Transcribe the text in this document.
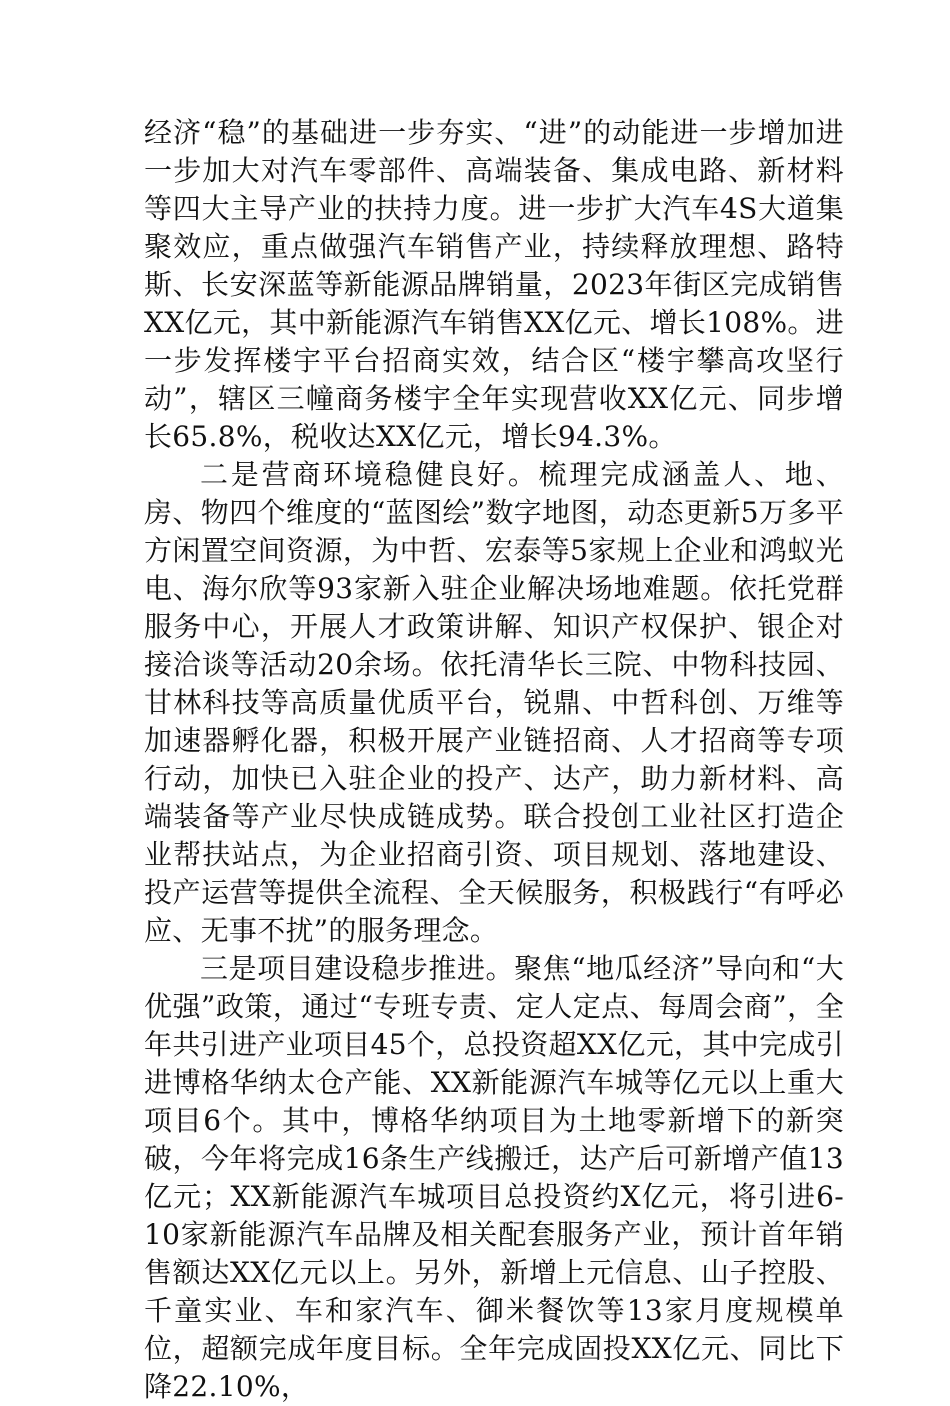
经济“稳”的基础进一步夯实、“进”的动能进一步增加进一步加大对汽车零部件、高端装备、集成电路、新材料等四大主导产业的扶持力度。进一步扩大汽车4S大道集聚效应，重点做强汽车销售产业，持续释放理想、路特斯、长安深蓝等新能源品牌销量，2023年街区完成销售XX亿元，其中新能源汽车销售XX亿元、增长108%。进一步发挥楼宇平台招商实效，结合区“楼宇攀高攻坚行动”，辖区三幢商务楼宇全年实现营收XX亿元、同步增长65.8%，税收达XX亿元，增长94.3%。

二是营商环境稳健良好。梳理完成涵盖人、地、房、物四个维度的“蓝图绘”数字地图，动态更新5万多平方闲置空间资源，为中哲、宏泰等5家规上企业和鸿蚁光电、海尔欣等93家新入驻企业解决场地难题。依托党群服务中心，开展人才政策讲解、知识产权保护、银企对接洽谈等活动20余场。依托清华长三院、中物科技园、甘林科技等高质量优质平台，锐鼎、中哲科创、万维等加速器孵化器，积极开展产业链招商、人才招商等专项行动，加快已入驻企业的投产、达产，助力新材料、高端装备等产业尽快成链成势。联合投创工业社区打造企业帮扶站点，为企业招商引资、项目规划、落地建设、投产运营等提供全流程、全天候服务，积极践行“有呼必应、无事不扰”的服务理念。

三是项目建设稳步推进。聚焦“地瓜经济”导向和“大优强”政策，通过“专班专责、定人定点、每周会商”，全年共引进产业项目45个，总投资超XX亿元，其中完成引进博格华纳太仓产能、XX新能源汽车城等亿元以上重大项目6个。其中，博格华纳项目为土地零新增下的新突破，今年将完成16条生产线搬迁，达产后可新增产值13亿元；XX新能源汽车城项目总投资约X亿元，将引进6-10家新能源汽车品牌及相关配套服务产业，预计首年销售额达XX亿元以上。另外，新增上元信息、山子控股、千童实业、车和家汽车、御米餐饮等13家月度规模单位，超额完成年度目标。全年完成固投XX亿元、同比下降22.10%，
